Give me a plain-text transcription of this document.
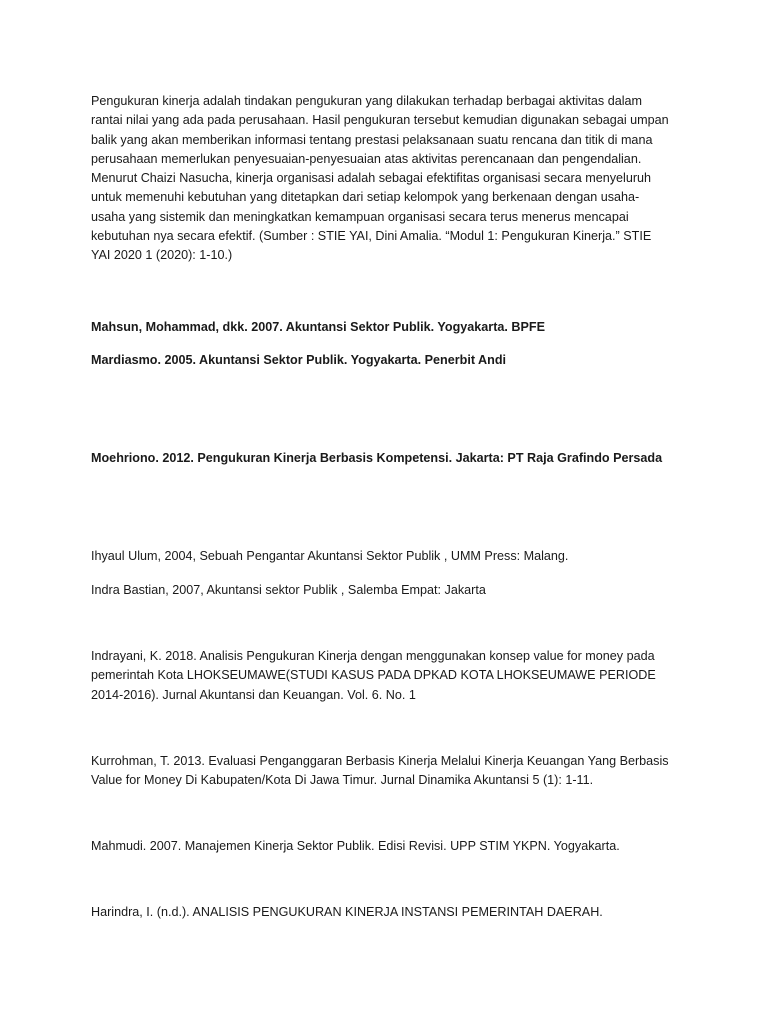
Pengukuran kinerja adalah tindakan pengukuran yang dilakukan terhadap berbagai aktivitas dalam rantai nilai yang ada pada perusahaan. Hasil pengukuran tersebut kemudian digunakan sebagai umpan balik yang akan memberikan informasi tentang prestasi pelaksanaan suatu rencana dan titik di mana perusahaan memerlukan penyesuaian-penyesuaian atas aktivitas perencanaan dan pengendalian. Menurut Chaizi Nasucha, kinerja organisasi adalah sebagai efektifitas organisasi secara menyeluruh untuk memenuhi kebutuhan yang ditetapkan dari setiap kelompok yang berkenaan dengan usaha-usaha yang sistemik dan meningkatkan kemampuan organisasi secara terus menerus mencapai kebutuhan nya secara efektif. (Sumber : STIE YAI, Dini Amalia. “Modul 1: Pengukuran Kinerja.” STIE YAI 2020 1 (2020): 1-10.)

Mahsun, Mohammad, dkk. 2007. Akuntansi Sektor Publik. Yogyakarta. BPFE

Mardiasmo. 2005. Akuntansi Sektor Publik. Yogyakarta. Penerbit Andi

Moehriono. 2012. Pengukuran Kinerja Berbasis Kompetensi. Jakarta: PT Raja Grafindo Persada

Ihyaul Ulum, 2004, Sebuah Pengantar Akuntansi Sektor Publik , UMM Press: Malang.

Indra Bastian, 2007, Akuntansi sektor Publik , Salemba Empat: Jakarta

Indrayani, K. 2018. Analisis Pengukuran Kinerja dengan menggunakan konsep value for money pada pemerintah Kota LHOKSEUMAWE(STUDI KASUS PADA DPKAD KOTA LHOKSEUMAWE PERIODE 2014-2016). Jurnal Akuntansi dan Keuangan. Vol. 6. No. 1

Kurrohman, T. 2013. Evaluasi Penganggaran Berbasis Kinerja Melalui Kinerja Keuangan Yang Berbasis Value for Money Di Kabupaten/Kota Di Jawa Timur. Jurnal Dinamika Akuntansi 5 (1): 1-11.

Mahmudi. 2007. Manajemen Kinerja Sektor Publik. Edisi Revisi. UPP STIM YKPN. Yogyakarta.

Harindra, I. (n.d.). ANALISIS PENGUKURAN KINERJA INSTANSI PEMERINTAH DAERAH.
